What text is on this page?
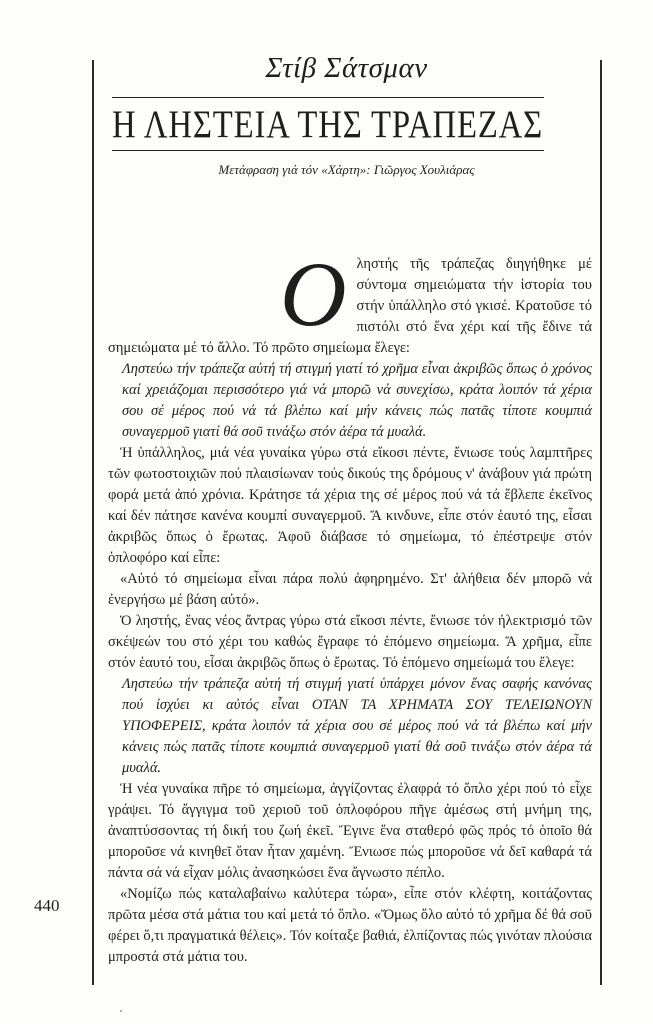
Στίβ Σάτσμαν
Η ΛΗΣΤΕΙΑ ΤΗΣ ΤΡΑΠΕΖΑΣ
Μετάφραση γιά τόν «Χάρτη»: Γιῶργος Χουλιάρας

Οληστής τῆς τράπεζας διηγήθηκε μέ σύντομα σημειώματα τήν ἱστορία του στήν ὑπάλληλο στό γκισέ. Κρατοῦσε τό πιστόλι στό ἕνα χέρι καί τῆς ἔδινε τά σημειώματα μέ τό ἄλλο. Τό πρῶτο σημείωμα ἔλεγε:

Ληστεύω τήν τράπεζα αὐτή τή στιγμή γιατί τό χρῆμα εἶναι ἀκριβῶς ὅπως ὁ χρόνος καί χρειάζομαι περισσότερο γιά νά μπορῶ νά συνεχίσω, κράτα λοιπόν τά χέρια σου σέ μέρος πού νά τά βλέπω καί μήν κάνεις πώς πατᾶς τίποτε κουμπιά συναγερμοῦ γιατί θά σοῦ τινάξω στόν ἀέρα τά μυαλά.

Ἡ ὑπάλληλος, μιά νέα γυναίκα γύρω στά εἴκοσι πέντε, ἔνιωσε τούς λαμπτῆρες τῶν φωτοστοιχιῶν πού πλαισίωναν τούς δικούς της δρόμους ν' ἀνάβουν γιά πρώτη φορά μετά ἀπό χρόνια. Κράτησε τά χέρια της σέ μέρος πού νά τά ἔβλεπε ἐκεῖνος καί δέν πάτησε κανένα κουμπί συναγερμοῦ. Ἄ κινδυνε, εἶπε στόν ἑαυτό της, εἶσαι ἀκριβῶς ὅπως ὁ ἔρωτας. Ἀφοῦ διάβασε τό σημείωμα, τό ἐπέστρεψε στόν ὁπλοφόρο καί εἶπε:

«Αὐτό τό σημείωμα εἶναι πάρα πολύ ἀφηρημένο. Στ' ἀλήθεια δέν μπορῶ νά ἐνεργήσω μέ βάση αὐτό».

Ὁ ληστής, ἕνας νέος ἄντρας γύρω στά εἴκοσι πέντε, ἔνιωσε τόν ἠλεκτρισμό τῶν σκέψεών του στό χέρι του καθώς ἔγραφε τό ἑπόμενο σημείωμα. Ἄ χρῆμα, εἶπε στόν ἑαυτό του, εἶσαι ἀκριβῶς ὅπως ὁ ἔρωτας. Τό ἑπόμενο σημείωμά του ἔλεγε:

Ληστεύω τήν τράπεζα αὐτή τή στιγμή γιατί ὑπάρχει μόνον ἕνας σαφής κανόνας πού ἰσχύει κι αὐτός εἶναι ΟΤΑΝ ΤΑ ΧΡΗΜΑΤΑ ΣΟΥ ΤΕΛΕΙΩΝΟΥΝ ΥΠΟΦΕΡΕΙΣ, κράτα λοιπόν τά χέρια σου σέ μέρος πού νά τά βλέπω καί μήν κάνεις πώς πατᾶς τίποτε κουμπιά συναγερμοῦ γιατί θά σοῦ τινάξω στόν ἀέρα τά μυαλά.

Ἡ νέα γυναίκα πῆρε τό σημείωμα, ἀγγίζοντας ἐλαφρά τό ὅπλο χέρι πού τό εἶχε γράψει. Τό ἄγγιγμα τοῦ χεριοῦ τοῦ ὁπλοφόρου πῆγε ἀμέσως στή μνήμη της, ἀναπτύσσοντας τή δική του ζωή ἐκεῖ. Ἔγινε ἕνα σταθερό φῶς πρός τό ὁποῖο θά μποροῦσε νά κινηθεῖ ὅταν ἦταν χαμένη. Ἔνιωσε πώς μποροῦσε νά δεῖ καθαρά τά πάντα σά νά εἶχαν μόλις ἀνασηκώσει ἕνα ἄγνωστο πέπλο.

«Νομίζω πώς καταλαβαίνω καλύτερα τώρα», εἶπε στόν κλέφτη, κοιτάζοντας πρῶτα μέσα στά μάτια του καί μετά τό ὅπλο. «Ὅμως ὅλο αὐτό τό χρῆμα δέ θά σοῦ φέρει ὅ,τι πραγματικά θέλεις». Τόν κοίταξε βαθιά, ἐλπίζοντας πώς γινόταν πλούσια μπροστά στά μάτια του.

440
